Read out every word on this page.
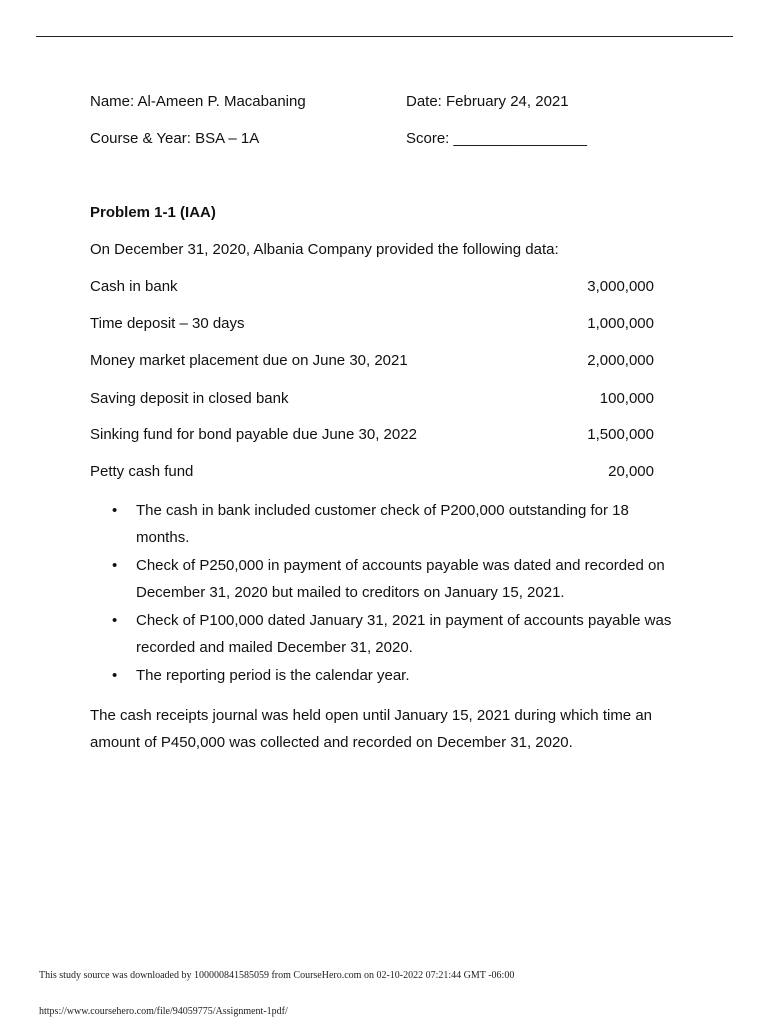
Name: Al-Ameen P. Macabaning	Date: February 24, 2021
Course & Year: BSA – 1A	Score: ________________
Problem 1-1 (IAA)
On December 31, 2020, Albania Company provided the following data:
Cash in bank	3,000,000
Time deposit – 30 days	1,000,000
Money market placement due on June 30, 2021	2,000,000
Saving deposit in closed bank	100,000
Sinking fund for bond payable due June 30, 2022	1,500,000
Petty cash fund	20,000
• The cash in bank included customer check of P200,000 outstanding for 18 months.
• Check of P250,000 in payment of accounts payable was dated and recorded on December 31, 2020 but mailed to creditors on January 15, 2021.
• Check of P100,000 dated January 31, 2021 in payment of accounts payable was recorded and mailed December 31, 2020.
• The reporting period is the calendar year.
The cash receipts journal was held open until January 15, 2021 during which time an amount of P450,000 was collected and recorded on December 31, 2020.
This study source was downloaded by 100000841585059 from CourseHero.com on 02-10-2022 07:21:44 GMT -06:00
https://www.coursehero.com/file/94059775/Assignment-1pdf/
